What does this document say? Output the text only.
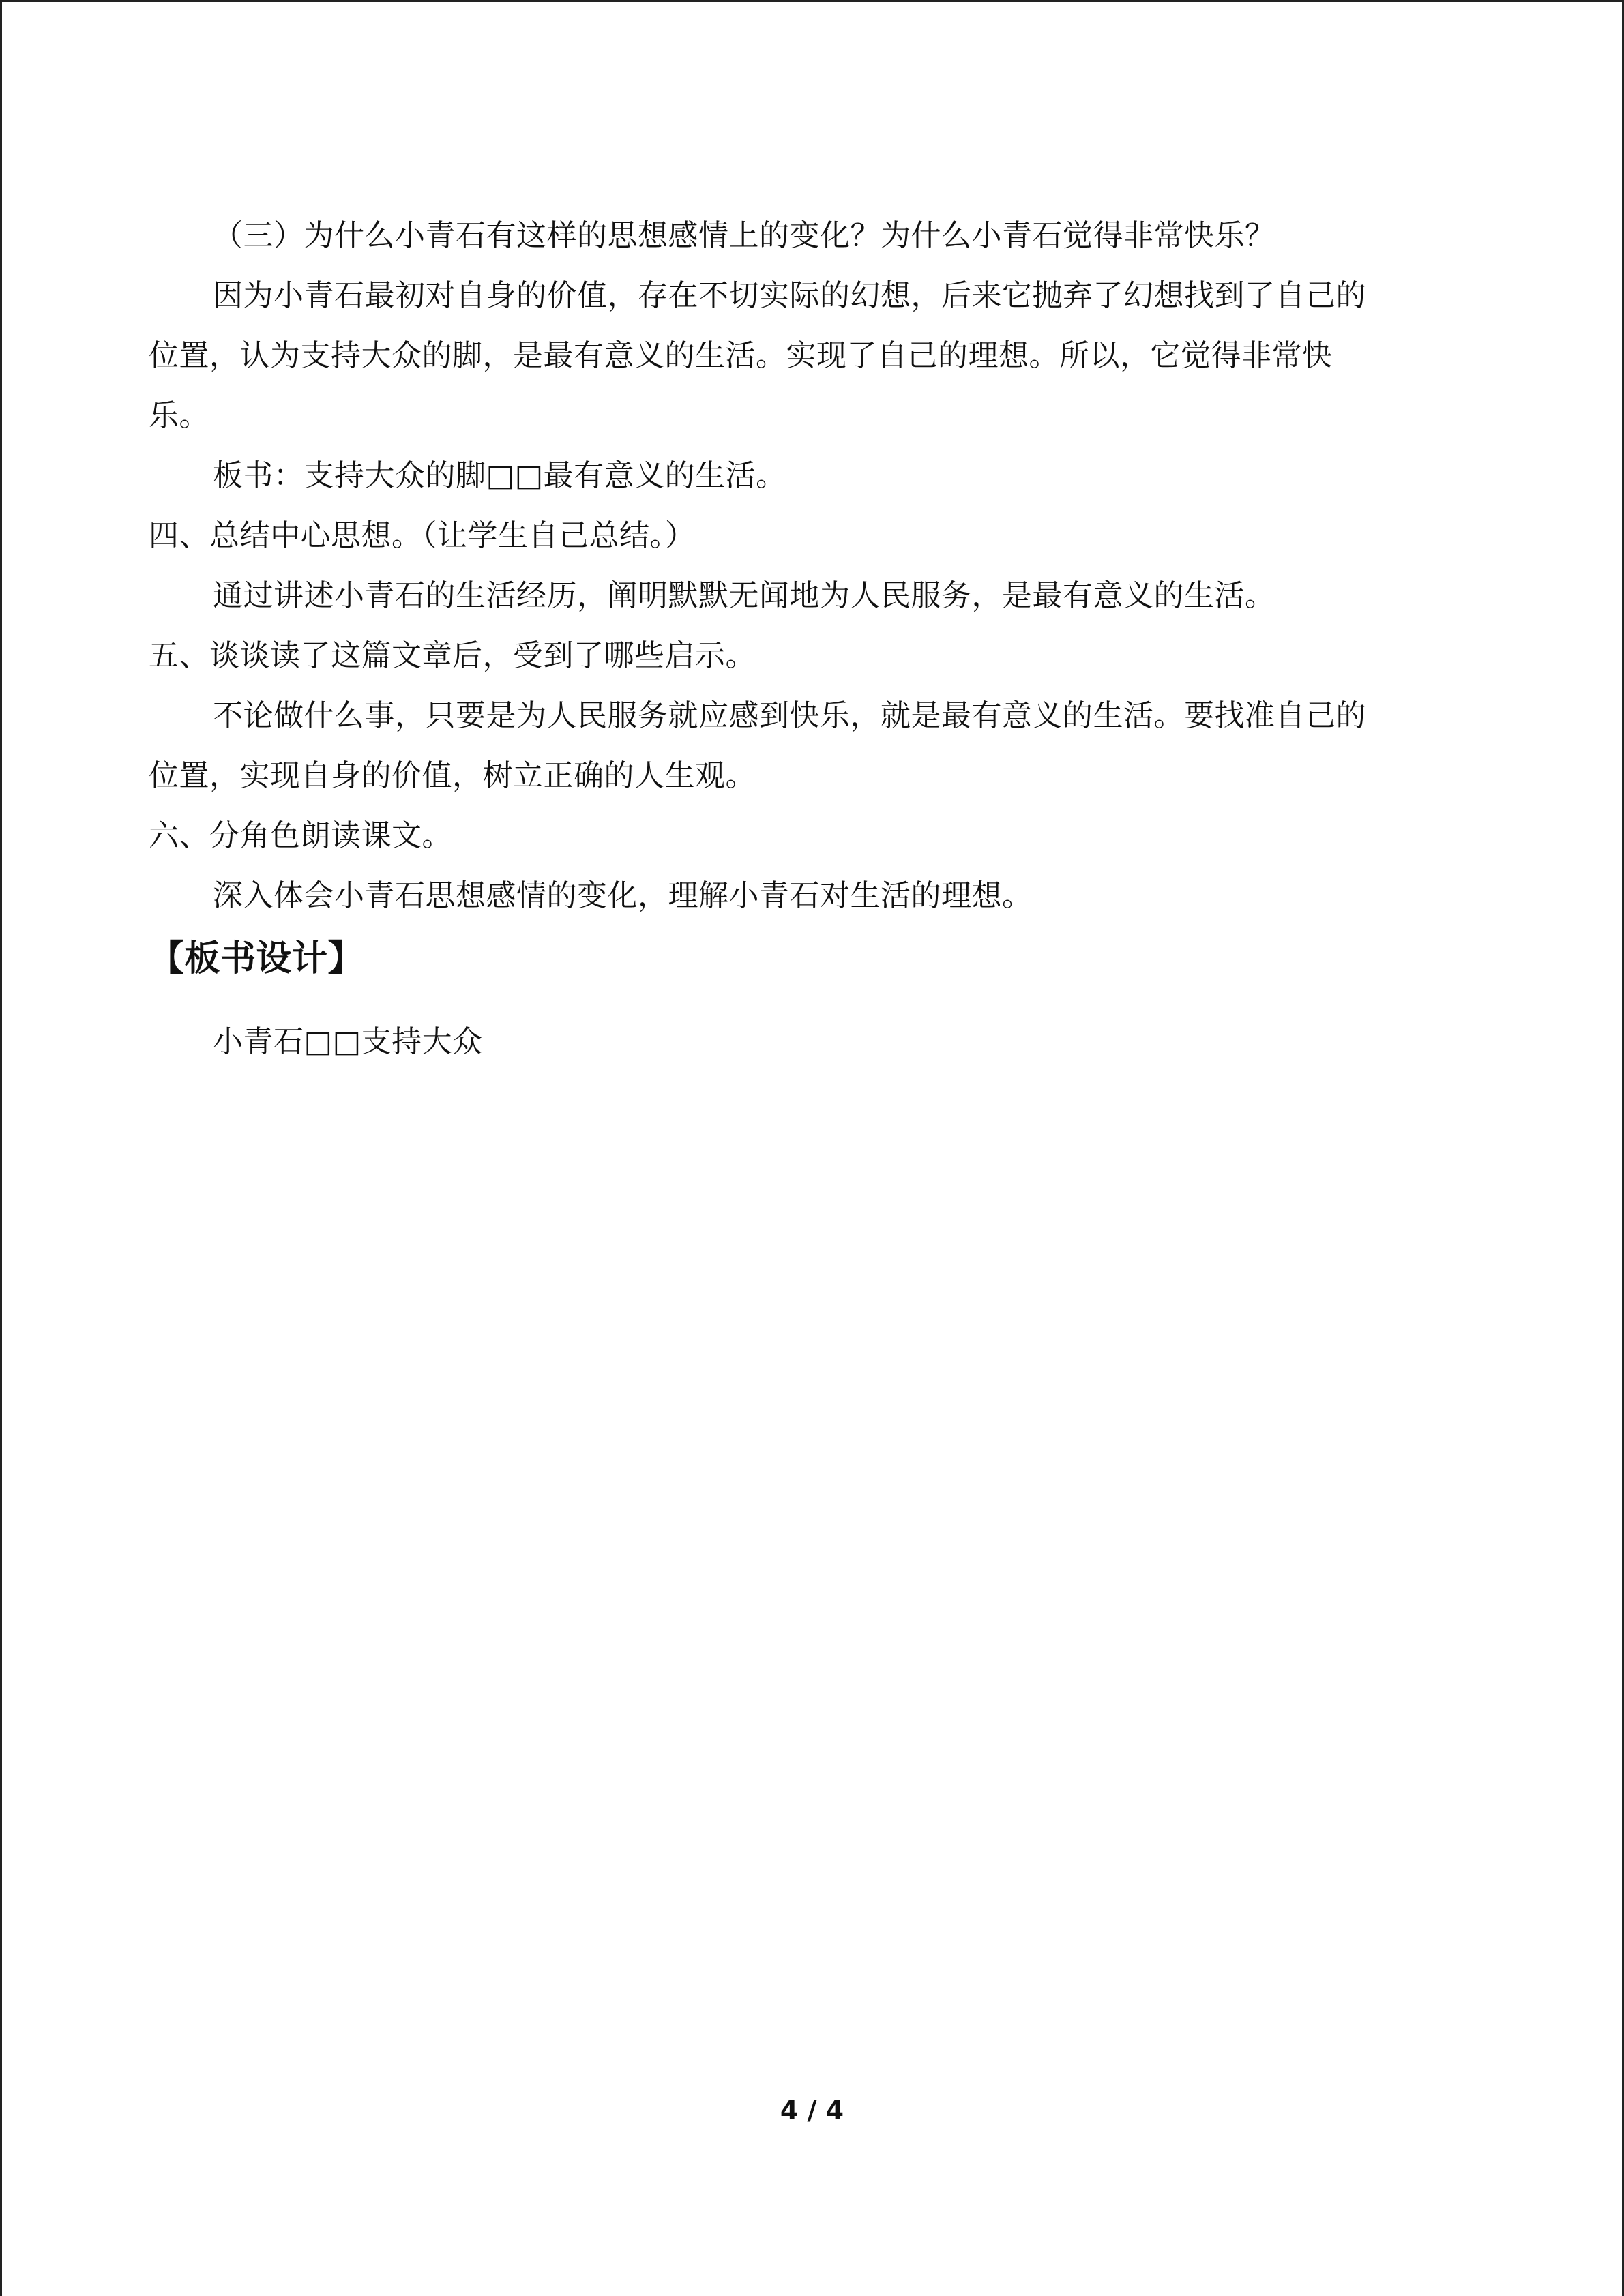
（三）为什么小青石有这样的思想感情上的变化？为什么小青石觉得非常快乐？
因为小青石最初对自身的价值，存在不切实际的幻想，后来它抛弃了幻想找到了自己的
位置，认为支持大众的脚，是最有意义的生活。实现了自己的理想。所以，它觉得非常快
乐。
板书：支持大众的脚□□最有意义的生活。
四、总结中心思想。（让学生自己总结。）
通过讲述小青石的生活经历，阐明默默无闻地为人民服务，是最有意义的生活。
五、谈谈读了这篇文章后，受到了哪些启示。
不论做什么事，只要是为人民服务就应感到快乐，就是最有意义的生活。要找准自己的
位置，实现自身的价值，树立正确的人生观。
六、分角色朗读课文。
深入体会小青石思想感情的变化，理解小青石对生活的理想。
【板书设计】
小青石□□支持大众
4 / 4
